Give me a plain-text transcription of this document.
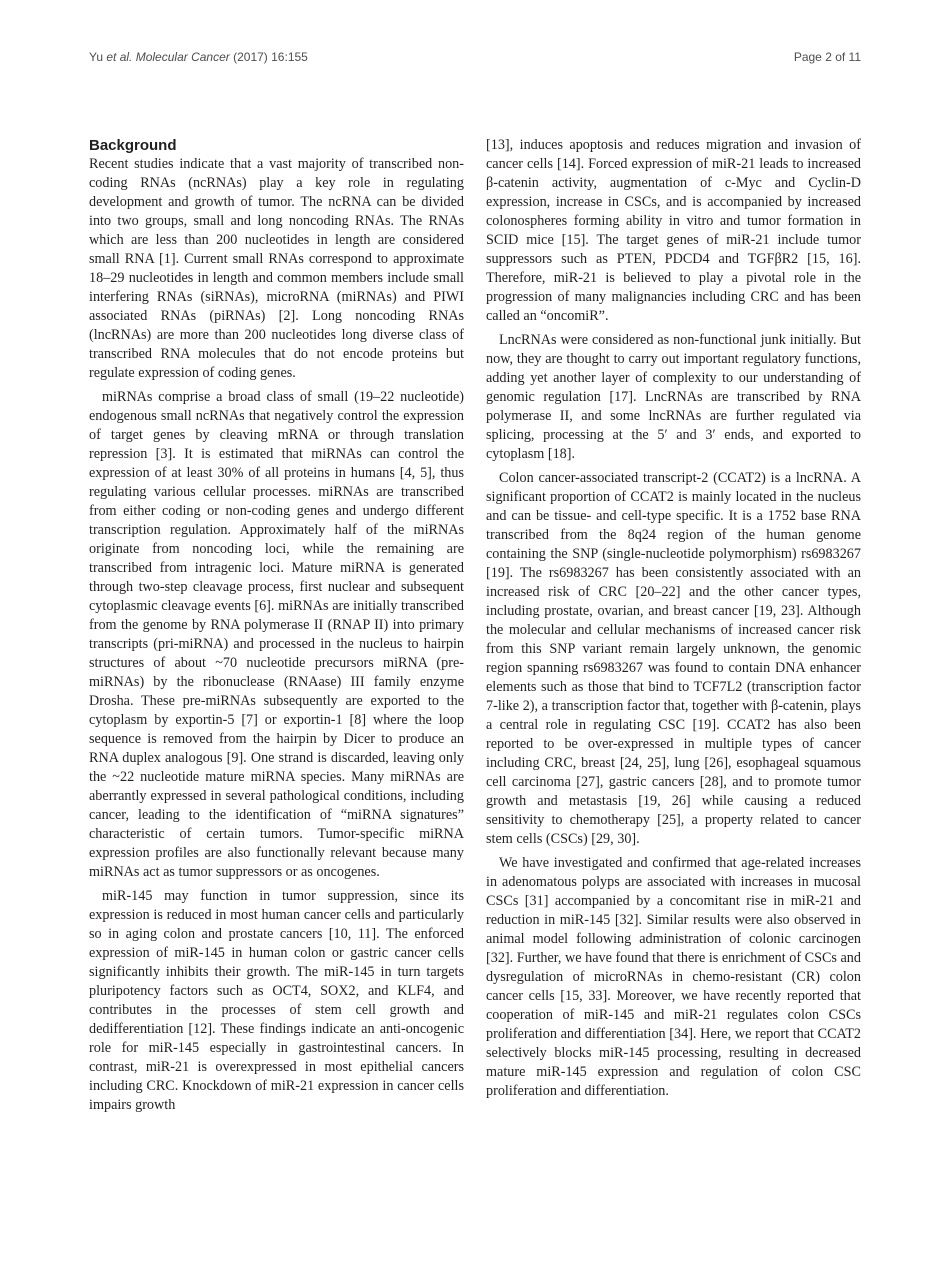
Yu et al. Molecular Cancer (2017) 16:155	Page 2 of 11
Background

Recent studies indicate that a vast majority of transcribed non-coding RNAs (ncRNAs) play a key role in regulating development and growth of tumor. The ncRNA can be divided into two groups, small and long noncoding RNAs. The RNAs which are less than 200 nucleotides in length are considered small RNA [1]. Current small RNAs correspond to approximate 18–29 nucleotides in length and common members include small interfering RNAs (siRNAs), microRNA (miRNAs) and PIWI associated RNAs (piRNAs) [2]. Long noncoding RNAs (lncRNAs) are more than 200 nucleotides long diverse class of transcribed RNA molecules that do not encode proteins but regulate expression of coding genes.

miRNAs comprise a broad class of small (19–22 nucleotide) endogenous small ncRNAs that negatively control the expression of target genes by cleaving mRNA or through translation repression [3]. It is estimated that miRNAs can control the expression of at least 30% of all proteins in humans [4, 5], thus regulating various cellular processes. miRNAs are transcribed from either coding or non-coding genes and undergo different transcription regulation. Approximately half of the miRNAs originate from noncoding loci, while the remaining are transcribed from intragenic loci. Mature miRNA is generated through two-step cleavage process, first nuclear and subsequent cytoplasmic cleavage events [6]. miRNAs are initially transcribed from the genome by RNA polymerase II (RNAP II) into primary transcripts (pri-miRNA) and processed in the nucleus to hairpin structures of about ~70 nucleotide precursors miRNA (pre-miRNAs) by the ribonuclease (RNAase) III family enzyme Drosha. These pre-miRNAs subsequently are exported to the cytoplasm by exportin-5 [7] or exportin-1 [8] where the loop sequence is removed from the hairpin by Dicer to produce an RNA duplex analogous [9]. One strand is discarded, leaving only the ~22 nucleotide mature miRNA species. Many miRNAs are aberrantly expressed in several pathological conditions, including cancer, leading to the identification of “miRNA signatures” characteristic of certain tumors. Tumor-specific miRNA expression profiles are also functionally relevant because many miRNAs act as tumor suppressors or as oncogenes.

miR-145 may function in tumor suppression, since its expression is reduced in most human cancer cells and particularly so in aging colon and prostate cancers [10, 11]. The enforced expression of miR-145 in human colon or gastric cancer cells significantly inhibits their growth. The miR-145 in turn targets pluripotency factors such as OCT4, SOX2, and KLF4, and contributes in the processes of stem cell growth and dedifferentiation [12]. These findings indicate an anti-oncogenic role for miR-145 especially in gastrointestinal cancers. In contrast, miR-21 is overexpressed in most epithelial cancers including CRC. Knockdown of miR-21 expression in cancer cells impairs growth

[13], induces apoptosis and reduces migration and invasion of cancer cells [14]. Forced expression of miR-21 leads to increased β-catenin activity, augmentation of c-Myc and Cyclin-D expression, increase in CSCs, and is accompanied by increased colonospheres forming ability in vitro and tumor formation in SCID mice [15]. The target genes of miR-21 include tumor suppressors such as PTEN, PDCD4 and TGFβR2 [15, 16]. Therefore, miR-21 is believed to play a pivotal role in the progression of many malignancies including CRC and has been called an “oncomiR”.

LncRNAs were considered as non-functional junk initially. But now, they are thought to carry out important regulatory functions, adding yet another layer of complexity to our understanding of genomic regulation [17]. LncRNAs are transcribed by RNA polymerase II, and some lncRNAs are further regulated via splicing, processing at the 5′ and 3′ ends, and exported to cytoplasm [18].

Colon cancer-associated transcript-2 (CCAT2) is a lncRNA. A significant proportion of CCAT2 is mainly located in the nucleus and can be tissue- and cell-type specific. It is a 1752 base RNA transcribed from the 8q24 region of the human genome containing the SNP (single-nucleotide polymorphism) rs6983267 [19]. The rs6983267 has been consistently associated with an increased risk of CRC [20–22] and the other cancer types, including prostate, ovarian, and breast cancer [19, 23]. Although the molecular and cellular mechanisms of increased cancer risk from this SNP variant remain largely unknown, the genomic region spanning rs6983267 was found to contain DNA enhancer elements such as those that bind to TCF7L2 (transcription factor 7-like 2), a transcription factor that, together with β-catenin, plays a central role in regulating CSC [19]. CCAT2 has also been reported to be over-expressed in multiple types of cancer including CRC, breast [24, 25], lung [26], esophageal squamous cell carcinoma [27], gastric cancers [28], and to promote tumor growth and metastasis [19, 26] while causing a reduced sensitivity to chemotherapy [25], a property related to cancer stem cells (CSCs) [29, 30].

We have investigated and confirmed that age-related increases in adenomatous polyps are associated with increases in mucosal CSCs [31] accompanied by a concomitant rise in miR-21 and reduction in miR-145 [32]. Similar results were also observed in animal model following administration of colonic carcinogen [32]. Further, we have found that there is enrichment of CSCs and dysregulation of microRNAs in chemo-resistant (CR) colon cancer cells [15, 33]. Moreover, we have recently reported that cooperation of miR-145 and miR-21 regulates colon CSCs proliferation and differentiation [34]. Here, we report that CCAT2 selectively blocks miR-145 processing, resulting in decreased mature miR-145 expression and regulation of colon CSC proliferation and differentiation.
